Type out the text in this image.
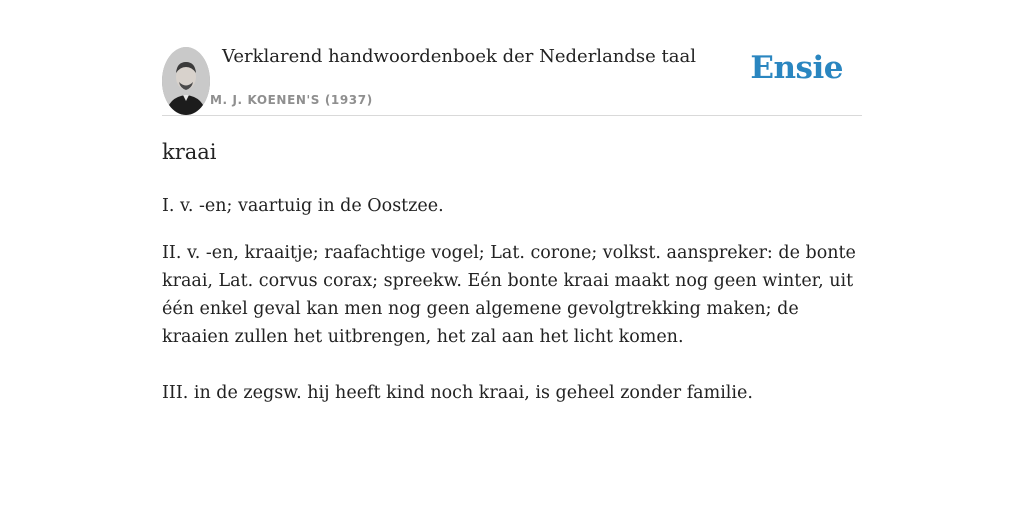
Verklarend handwoordenboek der Nederlandse taal
M. J. KOENEN'S (1937)
Ensie
kraai

I. v. -en; vaartuig in de Oostzee.

II. v. -en, kraaitje; raafachtige vogel; Lat. corone; volkst. aanspreker: de bonte kraai, Lat. corvus corax; spreekw. Eén bonte kraai maakt nog geen winter, uit één enkel geval kan men nog geen algemene gevolgtrekking maken; de kraaien zullen het uitbrengen, het zal aan het licht komen.

III. in de zegsw. hij heeft kind noch kraai, is geheel zonder familie.
